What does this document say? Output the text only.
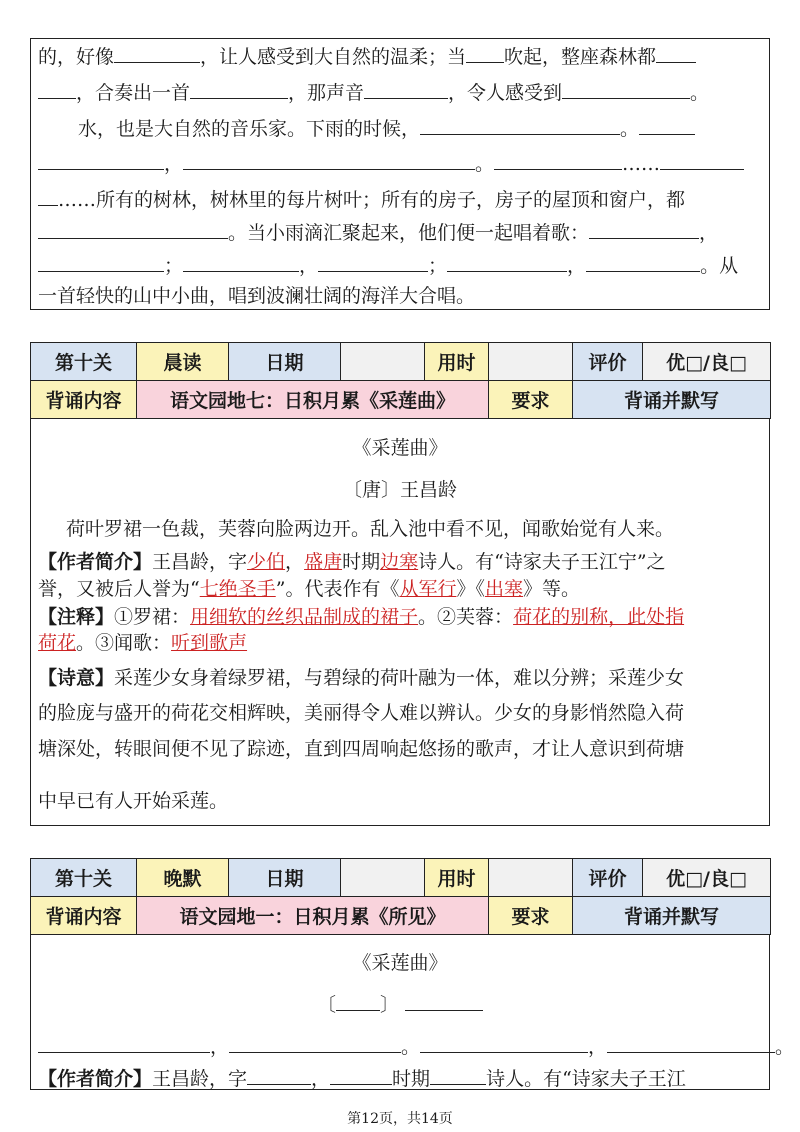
的，好像	，让人感受到大自然的温柔；当 吹起，整座森林都
，合奏出一首	，那声音	，令人感受到	。
水，也是大自然的音乐家。下雨的时候，	。
，	。	……
……所有的树林，树林里的每片树叶；所有的房子，房子的屋顶和窗户，都
。当小雨滴汇聚起来，他们便一起唱着歌：	，
；	，	；	，	。从
一首轻快的山中小曲，唱到波澜壮阔的海洋大合唱。
第十关	晨读	日期		用时		评价	优□/良□
背诵内容	语文园地七：日积月累《采莲曲》				要求	背诵并默写	
《采莲曲》
〔唐〕王昌龄
荷叶罗裙一色裁，芙蓉向脸两边开。乱入池中看不见，闻歌始觉有人来。
【作者简介】王昌龄，字少伯，盛唐时期边塞诗人。有“诗家夫子王江宁”之
誉，又被后人誉为“七绝圣手”。代表作有《从军行》《出塞》等。
【注释】①罗裙：用细软的丝织品制成的裙子。②芙蓉：荷花的别称，此处指
荷花。③闻歌：听到歌声
【诗意】采莲少女身着绿罗裙，与碧绿的荷叶融为一体，难以分辨；采莲少女
的脸庞与盛开的荷花交相辉映，美丽得令人难以辨认。少女的身影悄然隐入荷
塘深处，转眼间便不见了踪迹，直到四周响起悠扬的歌声，才让人意识到荷塘
中早已有人开始采莲。
第十关	晚默	日期		用时		评价	优□/良□
背诵内容	语文园地一：日积月累《所见》				要求	背诵并默写	
《采莲曲》
〔 〕
，	。	，	。
【作者简介】王昌龄，字	，	时期	诗人。有“诗家夫子王江
第12页，共14页
